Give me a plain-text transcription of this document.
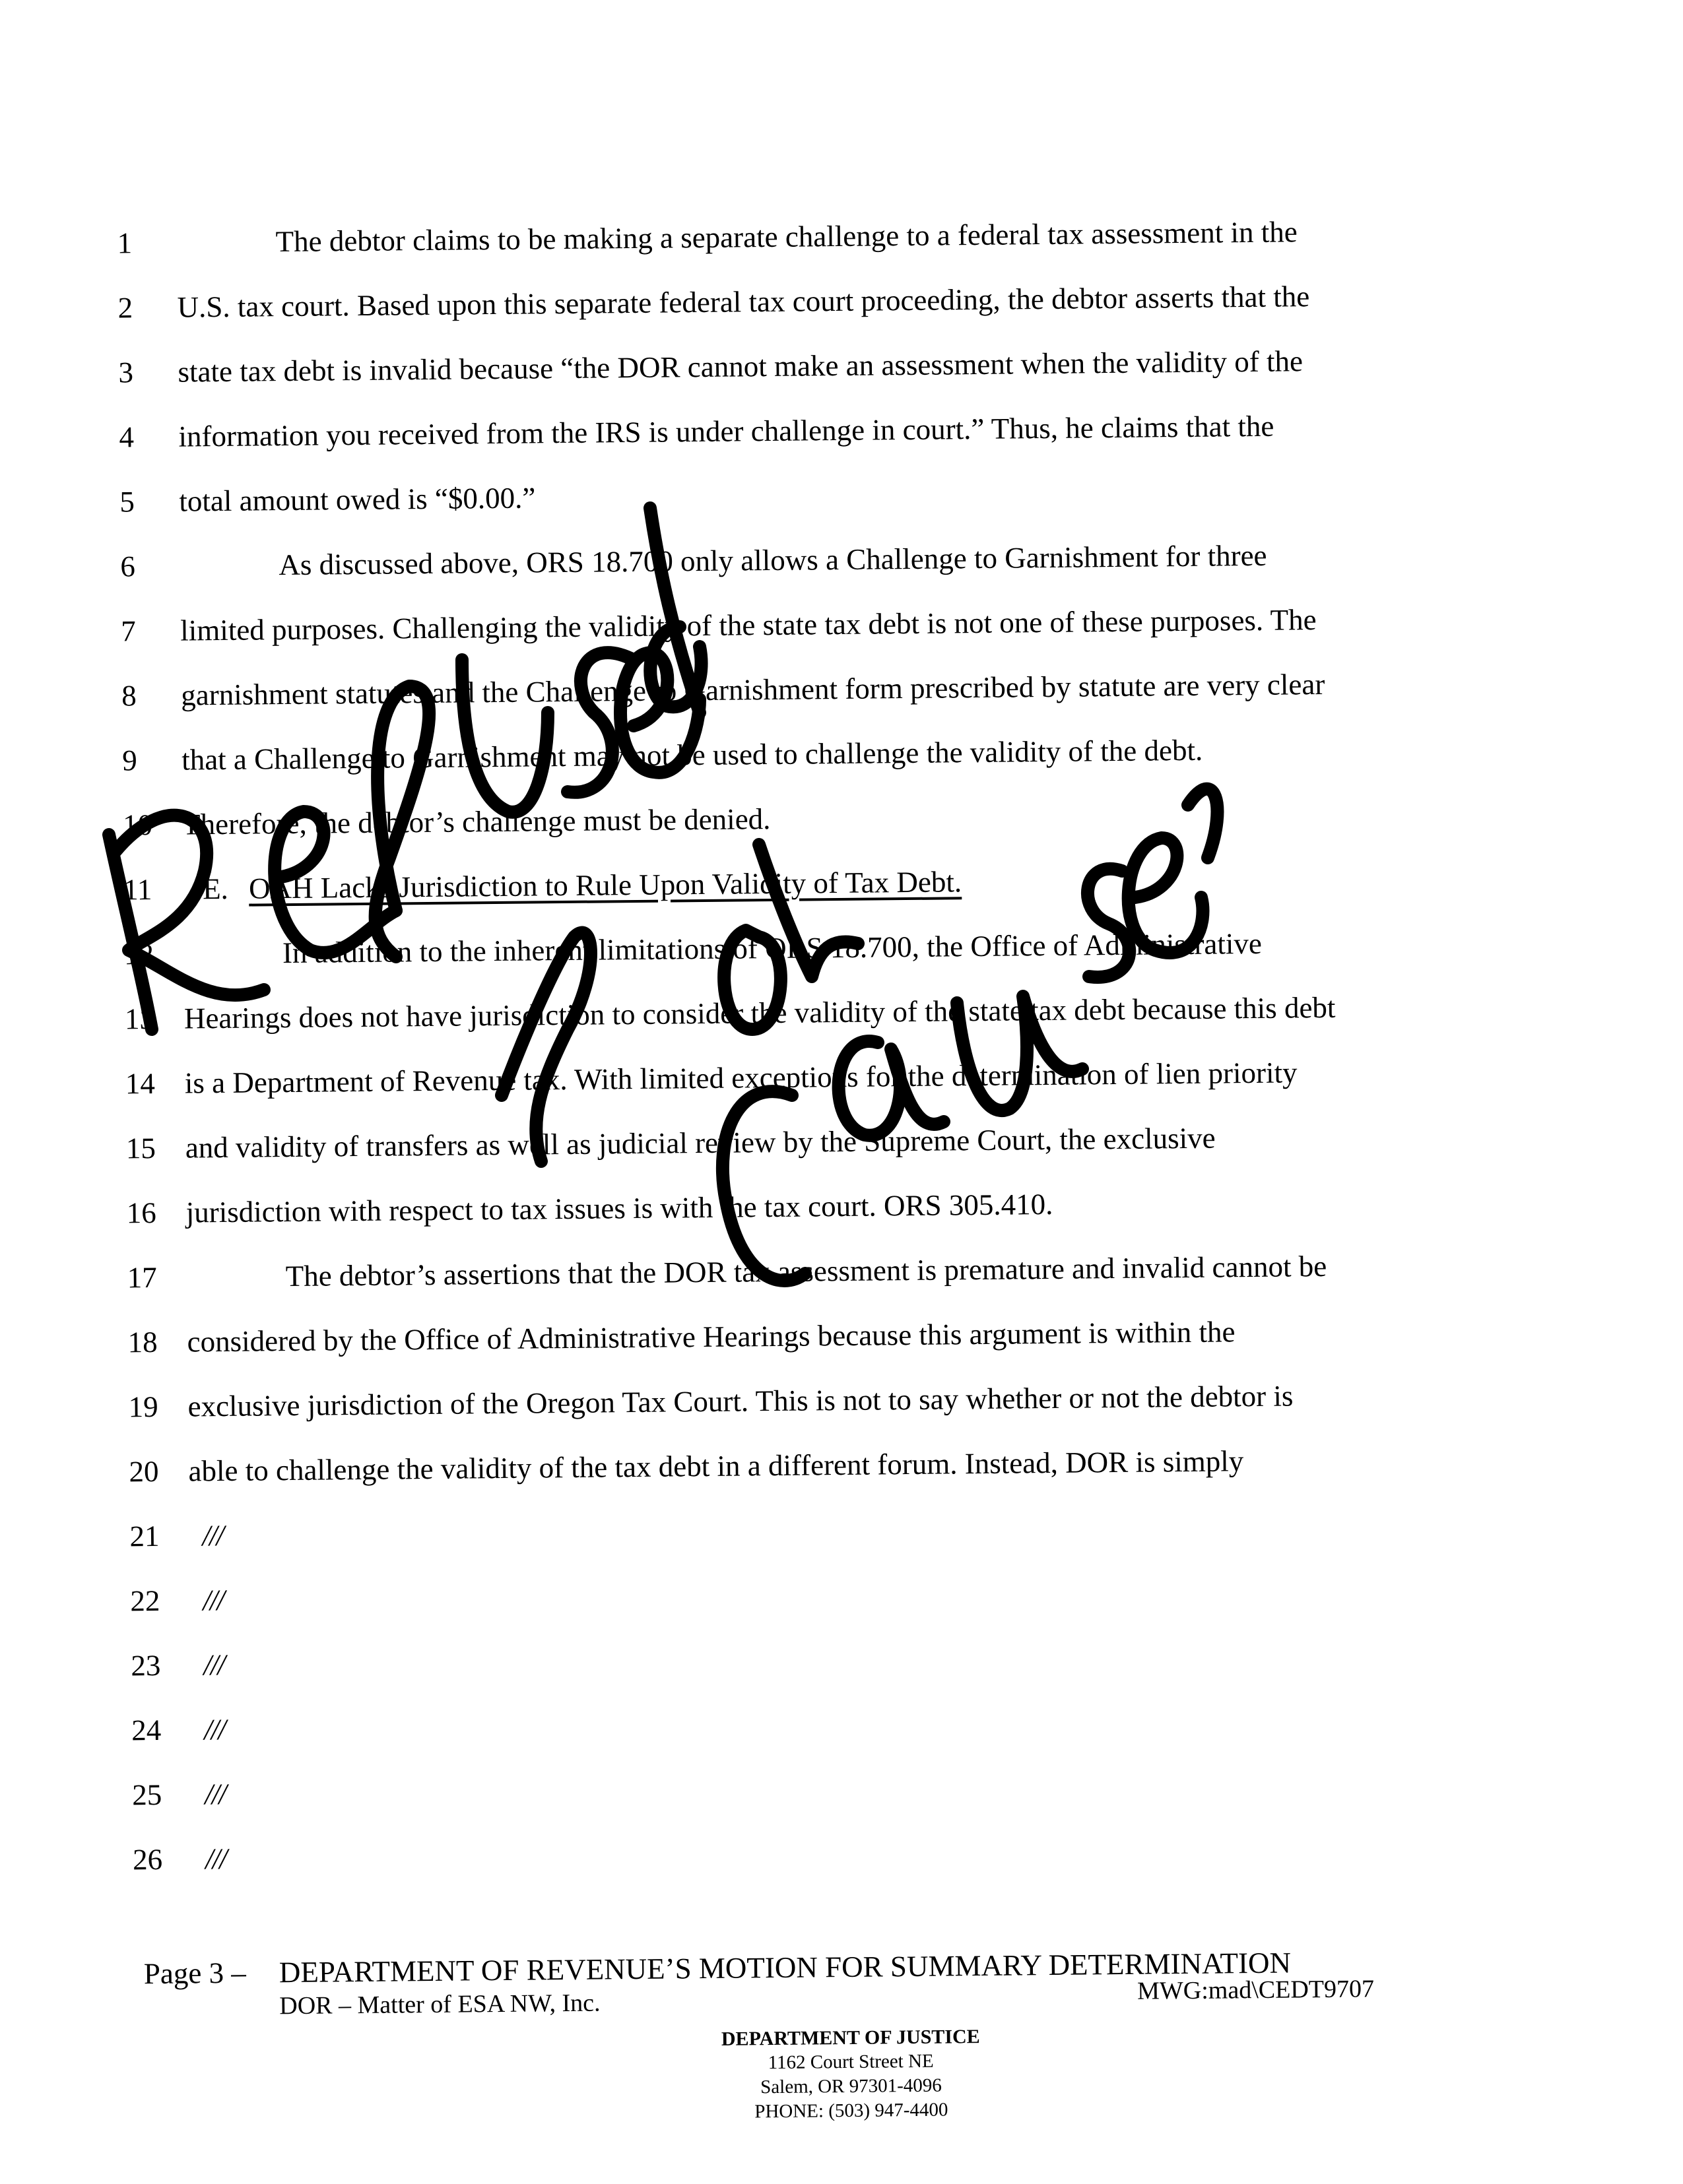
1	The debtor claims to be making a separate challenge to a federal tax assessment in the
2	U.S. tax court. Based upon this separate federal tax court proceeding, the debtor asserts that the
3	state tax debt is invalid because “the DOR cannot make an assessment when the validity of the
4	information you received from the IRS is under challenge in court.” Thus, he claims that the
5	total amount owed is “$0.00.”
6	As discussed above, ORS 18.700 only allows a Challenge to Garnishment for three
7	limited purposes. Challenging the validity of the state tax debt is not one of these purposes. The
8	garnishment statutes and the Challenge to Garnishment form prescribed by statute are very clear
9	that a Challenge to Garnishment may not be used to challenge the validity of the debt.
10 Therefore, the debtor’s challenge must be denied.
11	E. OAH Lacks Jurisdiction to Rule Upon Validity of Tax Debt.
12	In addition to the inherent limitations of ORS 18.700, the Office of Administrative
13 Hearings does not have jurisdiction to consider the validity of the state tax debt because this debt
14 is a Department of Revenue tax. With limited exceptions for the determination of lien priority
15 and validity of transfers as well as judicial review by the Supreme Court, the exclusive
16 jurisdiction with respect to tax issues is with the tax court. ORS 305.410.
17	The debtor’s assertions that the DOR tax assessment is premature and invalid cannot be
18 considered by the Office of Administrative Hearings because this argument is within the
19 exclusive jurisdiction of the Oregon Tax Court. This is not to say whether or not the debtor is
20 able to challenge the validity of the tax debt in a different forum. Instead, DOR is simply
21	///
22	///
23	///
24	///
25	///
26	///
Page 3 – DEPARTMENT OF REVENUE’S MOTION FOR SUMMARY DETERMINATION
DOR – Matter of ESA NW, Inc.	MWG:mad\CEDT9707
DEPARTMENT OF JUSTICE
1162 Court Street NE
Salem, OR 97301-4096
PHONE: (503) 947-4400
